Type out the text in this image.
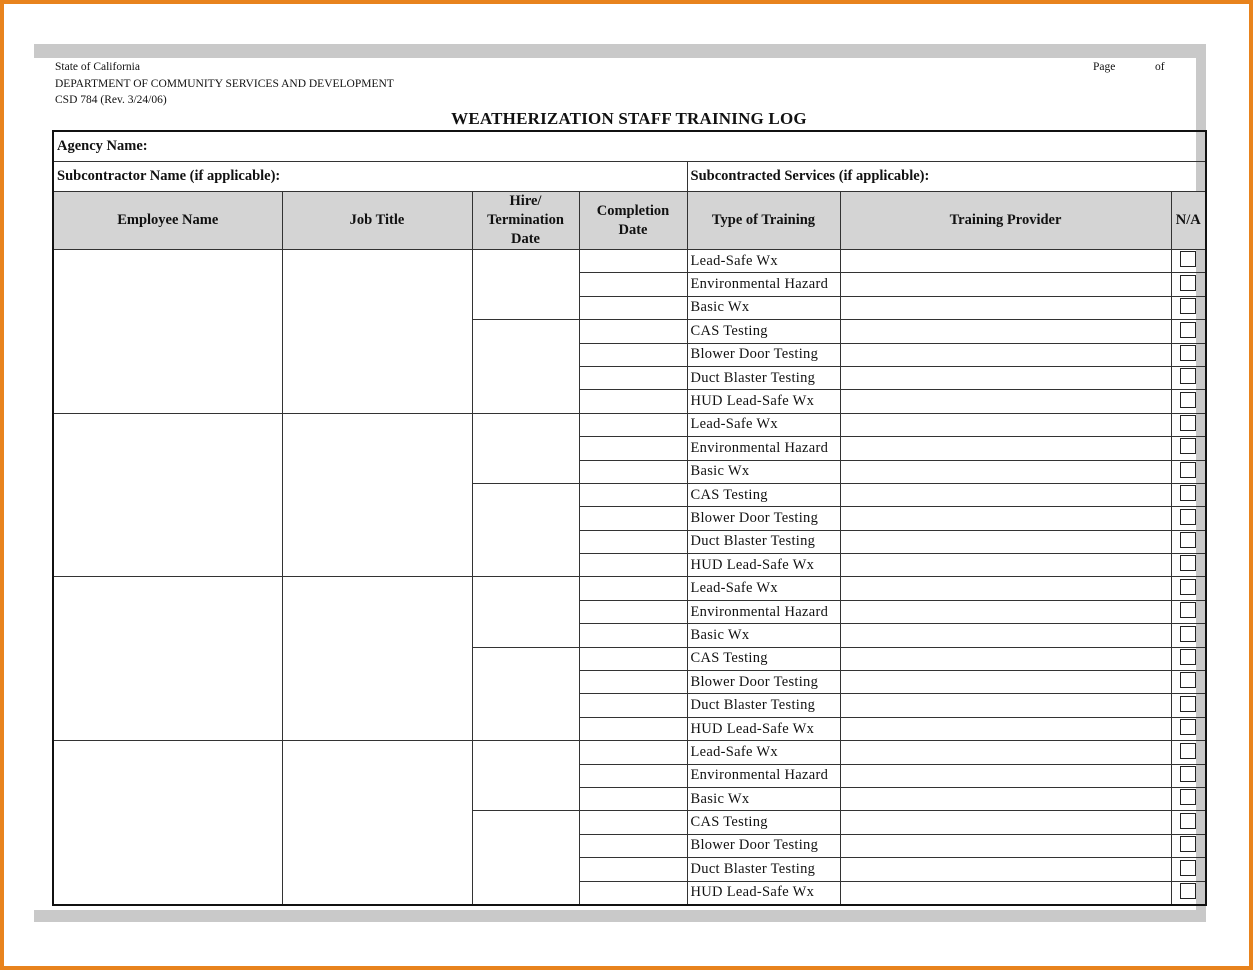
State of California
DEPARTMENT OF COMMUNITY SERVICES AND DEVELOPMENT
CSD 784 (Rev. 3/24/06)
Page	of
WEATHERIZATION STAFF TRAINING LOG
Agency Name:						
Subcontractor Name (if applicable):				Subcontracted Services (if applicable):		
Employee Name	Job Title	Hire/
Termination
Date	Completion
Date	Type of Training	Training Provider	N/A
				Lead-Safe Wx		
				Environmental Hazard		
				Basic Wx		
				CAS Testing		
				Blower Door Testing		
				Duct Blaster Testing		
				HUD Lead-Safe Wx		
				Lead-Safe Wx		
				Environmental Hazard		
				Basic Wx		
				CAS Testing		
				Blower Door Testing		
				Duct Blaster Testing		
				HUD Lead-Safe Wx		
				Lead-Safe Wx		
				Environmental Hazard		
				Basic Wx		
				CAS Testing		
				Blower Door Testing		
				Duct Blaster Testing		
				HUD Lead-Safe Wx		
				Lead-Safe Wx		
				Environmental Hazard		
				Basic Wx		
				CAS Testing		
				Blower Door Testing		
				Duct Blaster Testing		
				HUD Lead-Safe Wx		
